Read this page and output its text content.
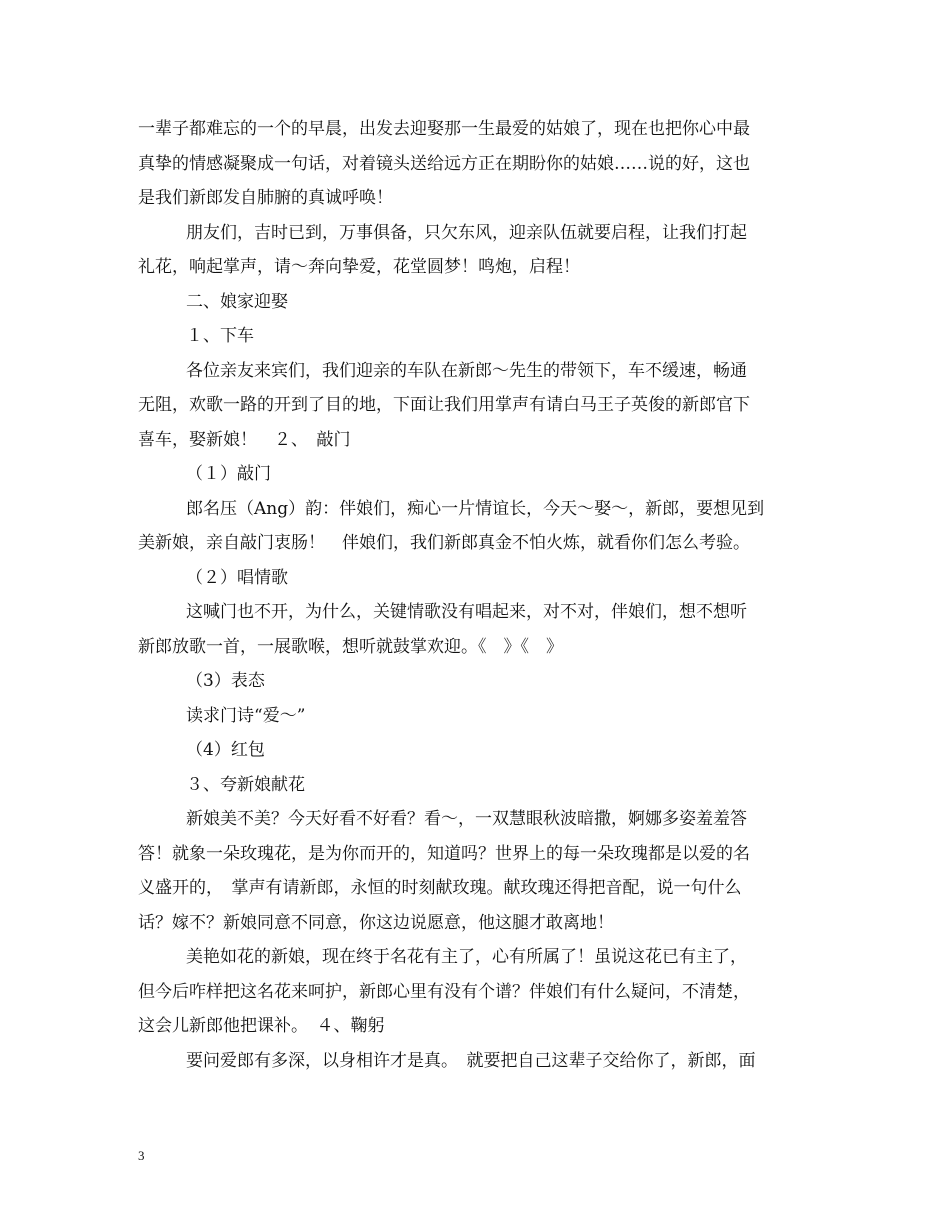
一辈子都难忘的一个的早晨，出发去迎娶那一生最爱的姑娘了，现在也把你心中最
真挚的情感凝聚成一句话，对着镜头送给远方正在期盼你的姑娘……说的好，这也
是我们新郎发自肺腑的真诚呼唤！
朋友们，吉时已到，万事俱备，只欠东风，迎亲队伍就要启程，让我们打起
礼花，响起掌声，请～奔向挚爱，花堂圆梦！鸣炮，启程！
二、娘家迎娶
１、下车
各位亲友来宾们，我们迎亲的车队在新郎～先生的带领下，车不缓速，畅通
无阻，欢歌一路的开到了目的地，下面让我们用掌声有请白马王子英俊的新郎官下
喜车，娶新娘！　２、　敲门
（１）敲门
郎名压（Ang）韵：伴娘们，痴心一片情谊长，今天～娶～，新郎，要想见到
美新娘，亲自敲门衷肠！　伴娘们，我们新郎真金不怕火炼，就看你们怎么考验。
（２）唱情歌
这喊门也不开，为什么，关键情歌没有唱起来，对不对，伴娘们，想不想听
新郎放歌一首，一展歌喉，想听就鼓掌欢迎。《　》《　》
（3）表态
读求门诗“爱～”
（4）红包
３、夸新娘献花
新娘美不美？今天好看不好看？看～，一双慧眼秋波暗撒，婀娜多姿羞羞答
答！就象一朵玫瑰花，是为你而开的，知道吗？世界上的每一朵玫瑰都是以爱的名
义盛开的，　掌声有请新郎，永恒的时刻献玫瑰。献玫瑰还得把音配，说一句什么
话？嫁不？新娘同意不同意，你这边说愿意，他这腿才敢离地！
美艳如花的新娘，现在终于名花有主了，心有所属了！虽说这花已有主了，
但今后咋样把这名花来呵护，新郎心里有没有个谱？伴娘们有什么疑问，不清楚，
这会儿新郎他把课补。　４、鞠躬
要问爱郎有多深，以身相许才是真。　就要把自己这辈子交给你了，新郎，面
3
